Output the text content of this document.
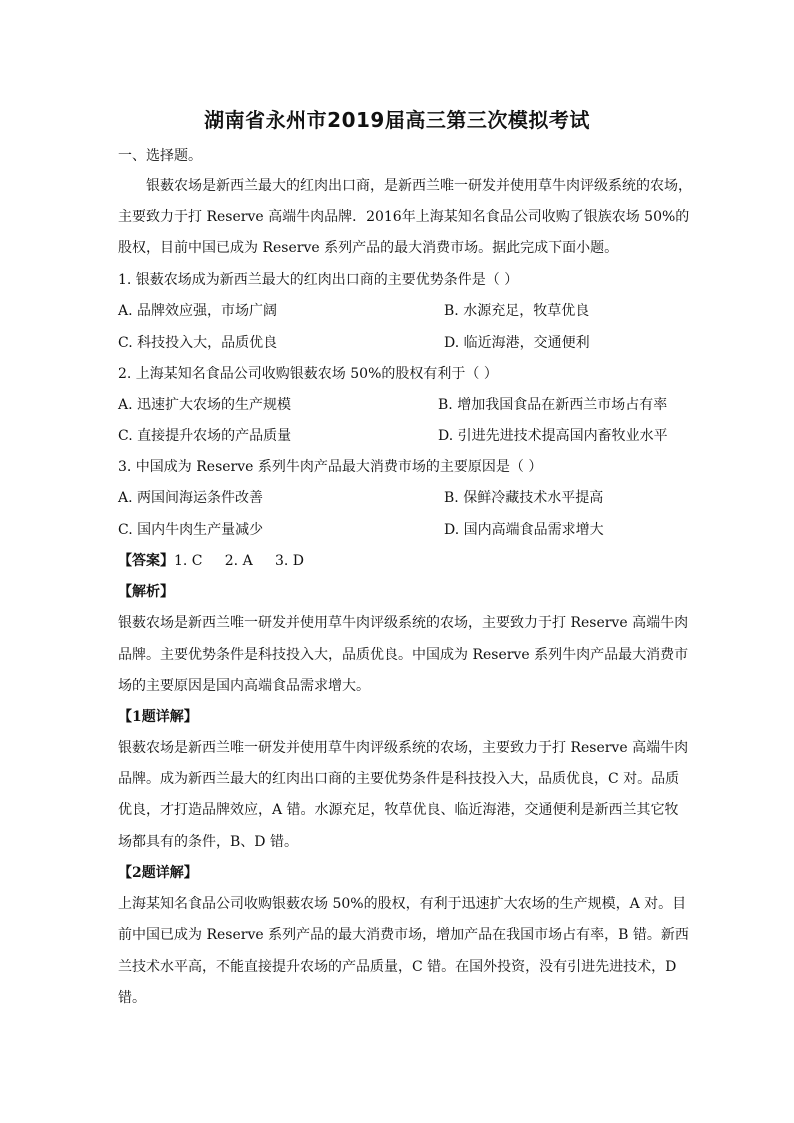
湖南省永州市2019届高三第三次模拟考试
一、选择题。
银薮农场是新西兰最大的红肉出口商，是新西兰唯一研发并使用草牛肉评级系统的农场，
主要致力于打 Reserve 高端牛肉品牌．2016年上海某知名食品公司收购了银族农场 50%的
股权，目前中国已成为 Reserve 系列产品的最大消费市场。据此完成下面小题。
1. 银薮农场成为新西兰最大的红肉出口商的主要优势条件是（ ）
A. 品牌效应强，市场广阔	B. 水源充足，牧草优良
C. 科技投入大，品质优良	D. 临近海港，交通便利
2. 上海某知名食品公司收购银薮农场 50%的股权有利于（ ）
A. 迅速扩大农场的生产规模	B. 增加我国食品在新西兰市场占有率
C. 直接提升农场的产品质量	D. 引进先进技术提高国内畜牧业水平
3. 中国成为 Reserve 系列牛肉产品最大消费市场的主要原因是（ ）
A. 两国间海运条件改善	B. 保鲜冷藏技术水平提高
C. 国内牛肉生产量减少	D. 国内高端食品需求增大
【答案】1. C     2. A     3. D
【解析】
银薮农场是新西兰唯一研发并使用草牛肉评级系统的农场，主要致力于打 Reserve 高端牛肉
品牌。主要优势条件是科技投入大，品质优良。中国成为 Reserve 系列牛肉产品最大消费市
场的主要原因是国内高端食品需求增大。
【1题详解】
银薮农场是新西兰唯一研发并使用草牛肉评级系统的农场，主要致力于打 Reserve 高端牛肉
品牌。成为新西兰最大的红肉出口商的主要优势条件是科技投入大，品质优良，C 对。品质
优良，才打造品牌效应，A 错。水源充足，牧草优良、临近海港，交通便利是新西兰其它牧
场都具有的条件，B、D 错。
【2题详解】
上海某知名食品公司收购银薮农场 50%的股权，有利于迅速扩大农场的生产规模，A 对。目
前中国已成为 Reserve 系列产品的最大消费市场，增加产品在我国市场占有率，B 错。新西
兰技术水平高，不能直接提升农场的产品质量，C 错。在国外投资，没有引进先进技术，D
错。
